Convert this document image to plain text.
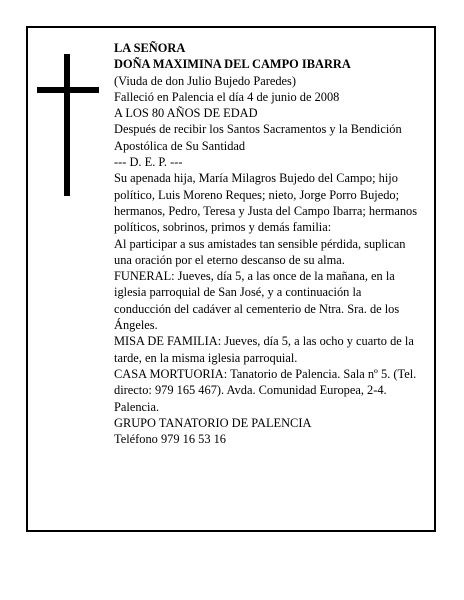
LA SEÑORA

DOÑA MAXIMINA DEL CAMPO IBARRA

(Viuda de don Julio Bujedo Paredes)

Falleció en Palencia el día 4 de junio de 2008

A LOS 80 AÑOS DE EDAD

Después de recibir los Santos Sacramentos y la Bendición Apostólica de Su Santidad

--- D. E. P. ---

Su apenada hija, María Milagros Bujedo del Campo; hijo político, Luis Moreno Reques; nieto, Jorge Porro Bujedo; hermanos, Pedro, Teresa y Justa del Campo Ibarra; hermanos políticos, sobrinos, primos y demás familia:

Al participar a sus amistades tan sensible pérdida, suplican una oración por el eterno descanso de su alma.

FUNERAL: Jueves, día 5, a las once de la mañana, en la iglesia parroquial de San José, y a continuación la conducción del cadáver al cementerio de Ntra. Sra. de los Ángeles.

MISA DE FAMILIA: Jueves, día 5, a las ocho y cuarto de la tarde, en la misma iglesia parroquial.

CASA MORTUORIA: Tanatorio de Palencia. Sala nº 5. (Tel. directo: 979 165 467). Avda. Comunidad Europea, 2-4. Palencia.

GRUPO TANATORIO DE PALENCIA

Teléfono 979 16 53 16
